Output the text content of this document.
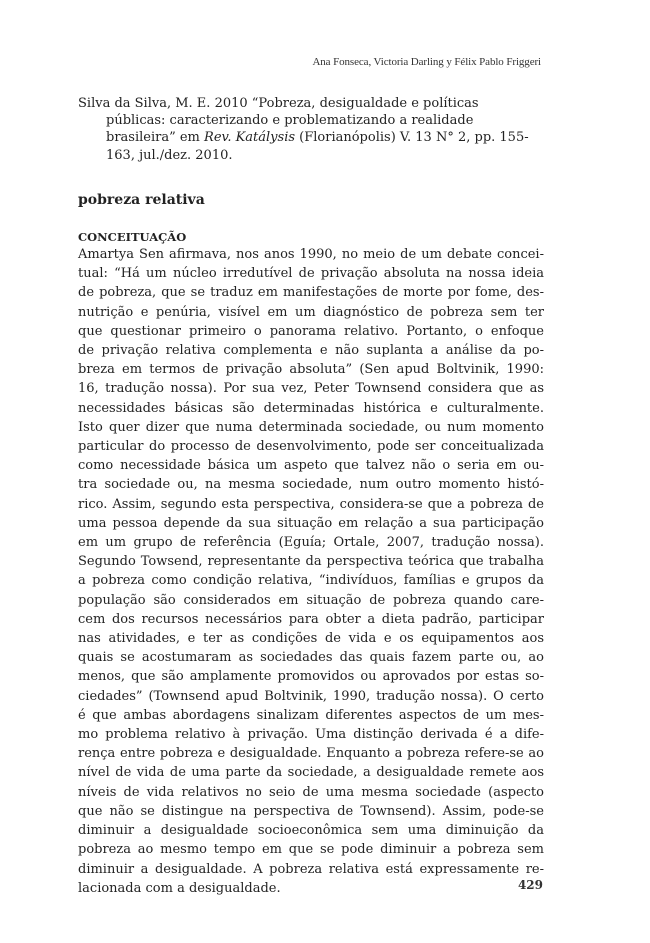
Ana Fonseca, Victoria Darling y Félix Pablo Friggeri
Silva da Silva, M. E. 2010 “Pobreza, desigualdade e políticas
públicas: caracterizando e problematizando a realidade
brasileira” em Rev. Katálysis (Florianópolis) V. 13 N° 2, pp. 155-
163, jul./dez. 2010.
pobreza relativa
CONCEITUAÇÃO
Amartya Sen afirmava, nos anos 1990, no meio de um debate concei-
tual: “Há um núcleo irredutível de privação absoluta na nossa ideia
de pobreza, que se traduz em manifestações de morte por fome, des-
nutrição e penúria, visível em um diagnóstico de pobreza sem ter
que questionar primeiro o panorama relativo. Portanto, o enfoque
de privação relativa complementa e não suplanta a análise da po-
breza em termos de privação absoluta” (Sen apud Boltvinik, 1990:
16, tradução nossa). Por sua vez, Peter Townsend considera que as
necessidades básicas são determinadas histórica e culturalmente.
Isto quer dizer que numa determinada sociedade, ou num momento
particular do processo de desenvolvimento, pode ser conceitualizada
como necessidade básica um aspeto que talvez não o seria em ou-
tra sociedade ou, na mesma sociedade, num outro momento histó-
rico. Assim, segundo esta perspectiva, considera-se que a pobreza de
uma pessoa depende da sua situação em relação a sua participação
em um grupo de referência (Eguía; Ortale, 2007, tradução nossa).
Segundo Towsend, representante da perspectiva teórica que trabalha
a pobreza como condição relativa, “indivíduos, famílias e grupos da
população são considerados em situação de pobreza quando care-
cem dos recursos necessários para obter a dieta padrão, participar
nas atividades, e ter as condições de vida e os equipamentos aos
quais se acostumaram as sociedades das quais fazem parte ou, ao
menos, que são amplamente promovidos ou aprovados por estas so-
ciedades” (Townsend apud Boltvinik, 1990, tradução nossa). O certo
é que ambas abordagens sinalizam diferentes aspectos de um mes-
mo problema relativo à privação. Uma distinção derivada é a dife-
rença entre pobreza e desigualdade. Enquanto a pobreza refere-se ao
nível de vida de uma parte da sociedade, a desigualdade remete aos
níveis de vida relativos no seio de uma mesma sociedade (aspecto
que não se distingue na perspectiva de Townsend). Assim, pode-se
diminuir a desigualdade socioeconômica sem uma diminuição da
pobreza ao mesmo tempo em que se pode diminuir a pobreza sem
diminuir a desigualdade. A pobreza relativa está expressamente re-
lacionada com a desigualdade.	429
